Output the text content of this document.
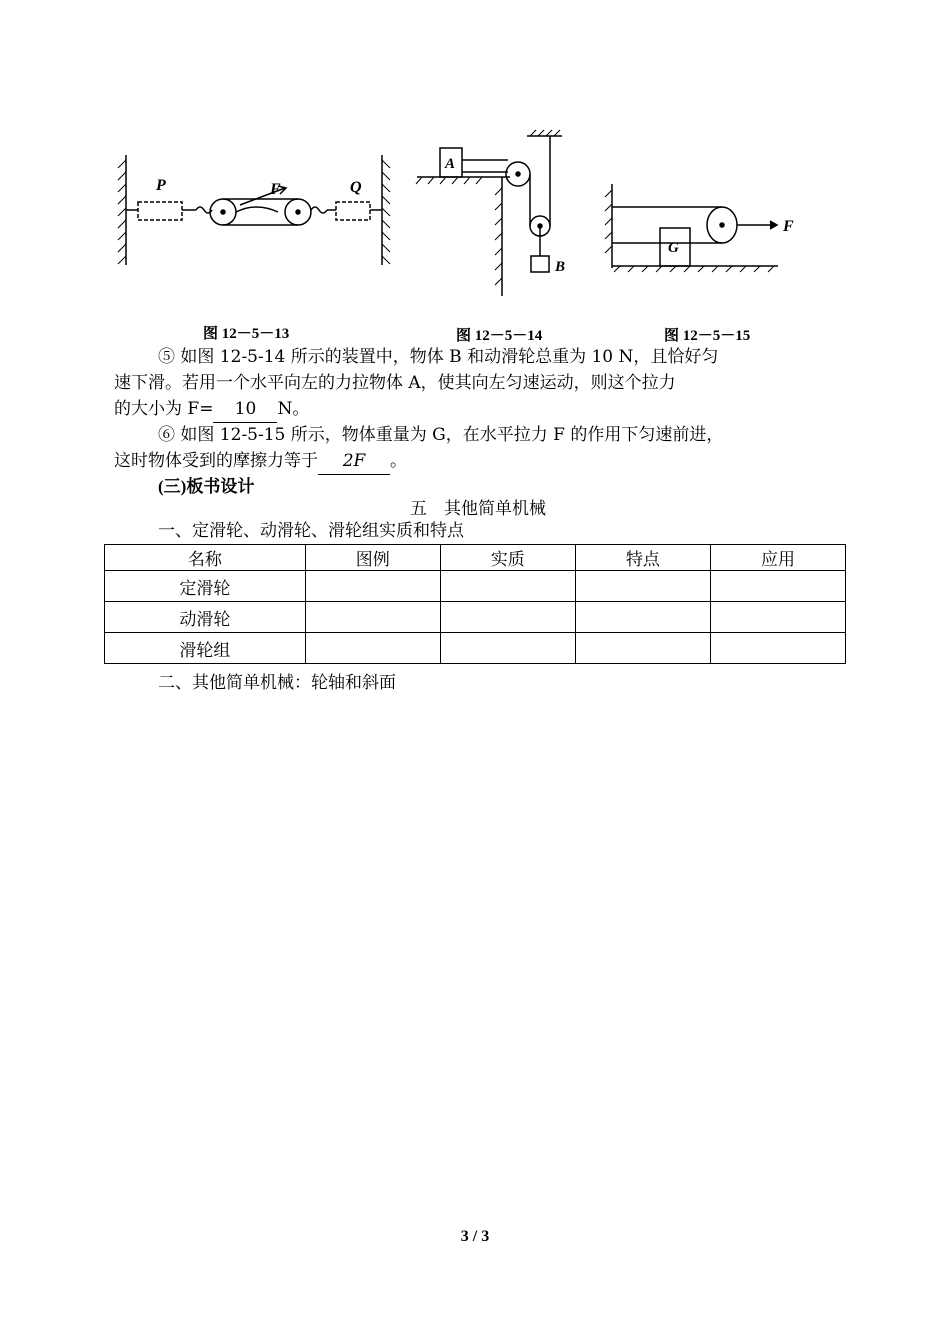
P	F	Q
A
B
G
F
图 12－5－13	图 12－5－14	图 12－5－15
⑤ 如图 12-5-14 所示的装置中，物体 B 和动滑轮总重为 10 N，且恰好匀
速下滑。若用一个水平向左的力拉物体 A，使其向左匀速运动，则这个拉力
的大小为 F= 10 N。
⑥ 如图 12-5-15 所示，物体重量为 G，在水平拉力 F 的作用下匀速前进，
这时物体受到的摩擦力等于 2F 。
(三)板书设计
五　其他简单机械
一、定滑轮、动滑轮、滑轮组实质和特点
名称	图例	实质	特点	应用
定滑轮				
动滑轮				
滑轮组				
二、其他简单机械：轮轴和斜面
3 / 3
